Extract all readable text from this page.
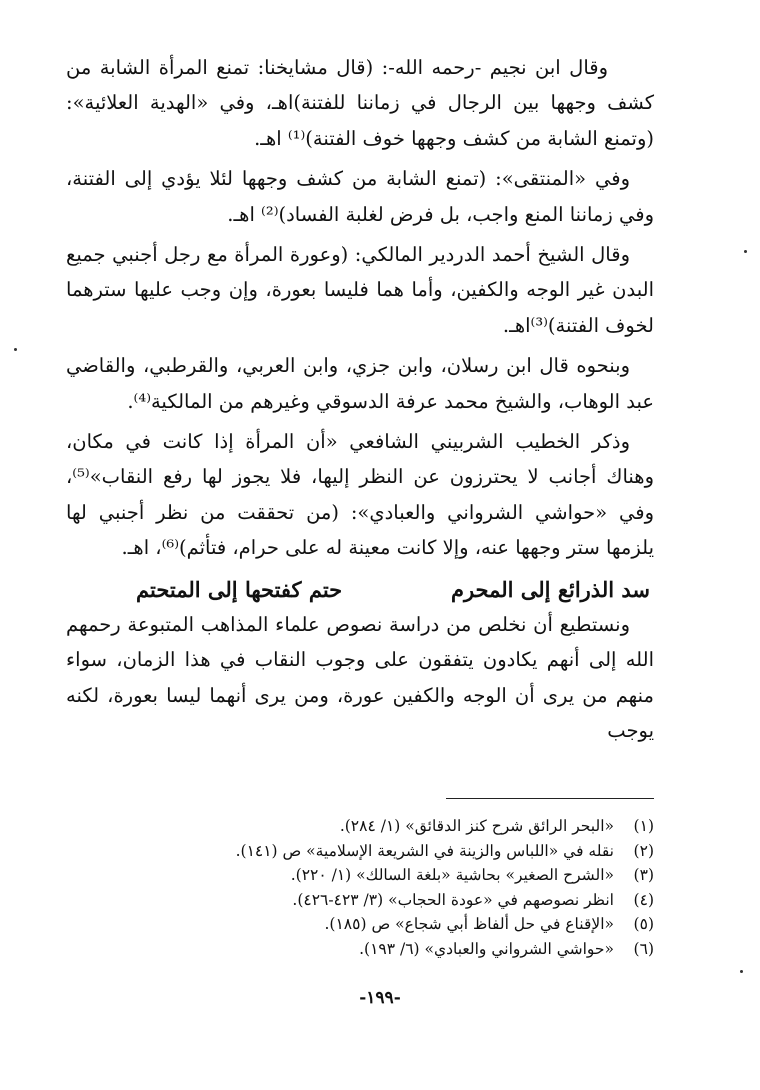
وقال ابن نجيم -رحمه الله-: (قال مشايخنا: تمنع المرأة الشابة من كشف وجهها بين الرجال في زماننا للفتنة)اهـ، وفي «الهدية العلائية»: (وتمنع الشابة من كشف وجهها خوف الفتنة)⁽¹⁾ اهـ.

وفي «المنتقى»: (تمنع الشابة من كشف وجهها لئلا يؤدي إلى الفتنة، وفي زماننا المنع واجب، بل فرض لغلبة الفساد)⁽²⁾ اهـ.

وقال الشيخ أحمد الدردير المالكي: (وعورة المرأة مع رجل أجنبي جميع البدن غير الوجه والكفين، وأما هما فليسا بعورة، وإن وجب عليها سترهما لخوف الفتنة)⁽³⁾اهـ.

وبنحوه قال ابن رسلان، وابن جزي، وابن العربي، والقرطبي، والقاضي عبد الوهاب، والشيخ محمد عرفة الدسوقي وغيرهم من المالكية⁽⁴⁾.

وذكر الخطيب الشربيني الشافعي «أن المرأة إذا كانت في مكان، وهناك أجانب لا يحترزون عن النظر إليها، فلا يجوز لها رفع النقاب»⁽⁵⁾، وفي «حواشي الشرواني والعبادي»: (من تحققت من نظر أجنبي لها يلزمها ستر وجهها عنه، وإلا كانت معينة له على حرام، فتأثم)⁽⁶⁾، اهـ.

سد الذرائع إلى المحرم
حتم كفتحها إلى المتحتم

ونستطيع أن نخلص من دراسة نصوص علماء المذاهب المتبوعة رحمهم الله إلى أنهم يكادون يتفقون على وجوب النقاب في هذا الزمان، سواء منهم من يرى أن الوجه والكفين عورة، ومن يرى أنهما ليسا بعورة، لكنه يوجب

(١)
«البحر الرائق شرح كنز الدقائق» (١/ ٢٨٤).
(٢)
نقله في «اللباس والزينة في الشريعة الإسلامية» ص (١٤١).
(٣)
«الشرح الصغير» بحاشية «بلغة السالك» (١/ ٢٢٠).
(٤)
انظر نصوصهم في «عودة الحجاب» (٣/ ٤٢٣-٤٢٦).
(٥)
«الإقناع في حل ألفاظ أبي شجاع» ص (١٨٥).
(٦)
«حواشي الشرواني والعبادي» (٦/ ١٩٣).
-١٩٩-
